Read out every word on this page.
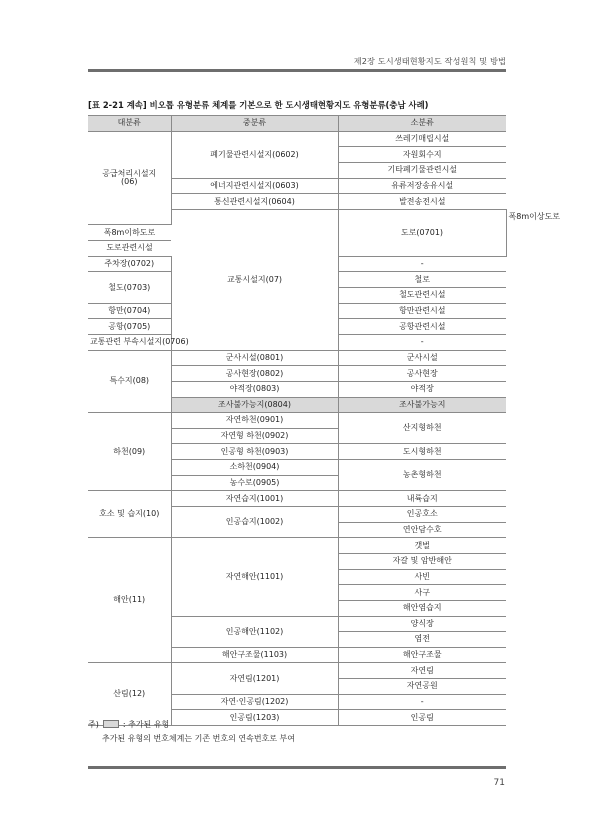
제2장 도시생태현황지도 작성원칙 및 방법
[표 2-21 계속] 비오톱 유형분류 체계를 기본으로 한 도시생태현황지도 유형분류(충남 사례)
대분류	중분류	소분류	
공급처리시설지
(06)	폐기물관련시설지(0602)	쓰레기매립시설	
		자원회수지	
		기타폐기물관련시설	
	에너지관련시설지(0603)	유류저장송유시설	
	통신관련시설지(0604)	발전송전시설	
	교통시설지(07)	도로(0701)	폭8m이상도로
폭8m이하도로			
도로관련시설			
주차장(0702)		-	
철도(0703)		철로	
		철도관련시설	
항만(0704)		항만관련시설	
공항(0705)		공항관련시설	
교통관련 부속시설지(0706)		-	
특수지(08)	군사시설(0801)	군사시설	
	공사현장(0802)	공사현장	
	야적장(0803)	야적장	
	조사불가능지(0804)	조사불가능지	
하천(09)	자연하천(0901)	산지형하천	
	자연형 하천(0902)		
	인공형 하천(0903)	도시형하천	
	소하천(0904)	농촌형하천	
	농수로(0905)		
호소 및 습지(10)	자연습지(1001)	내륙습지	
	인공습지(1002)	인공호소	
		연안담수호	
해안(11)	자연해안(1101)	갯벌	
		자갈 및 암반해안	
		사빈	
		사구	
		해안염습지	
	인공해안(1102)	양식장	
		염전	
	해안구조물(1103)	해안구조물	
산림(12)	자연림(1201)	자연림	
		자연공원	
	자연·인공림(1202)	-	
	인공림(1203)	인공림	
주)	: 추가된 유형
추가된 유형의 번호체계는 기존 번호의 연속번호로 부여
71
